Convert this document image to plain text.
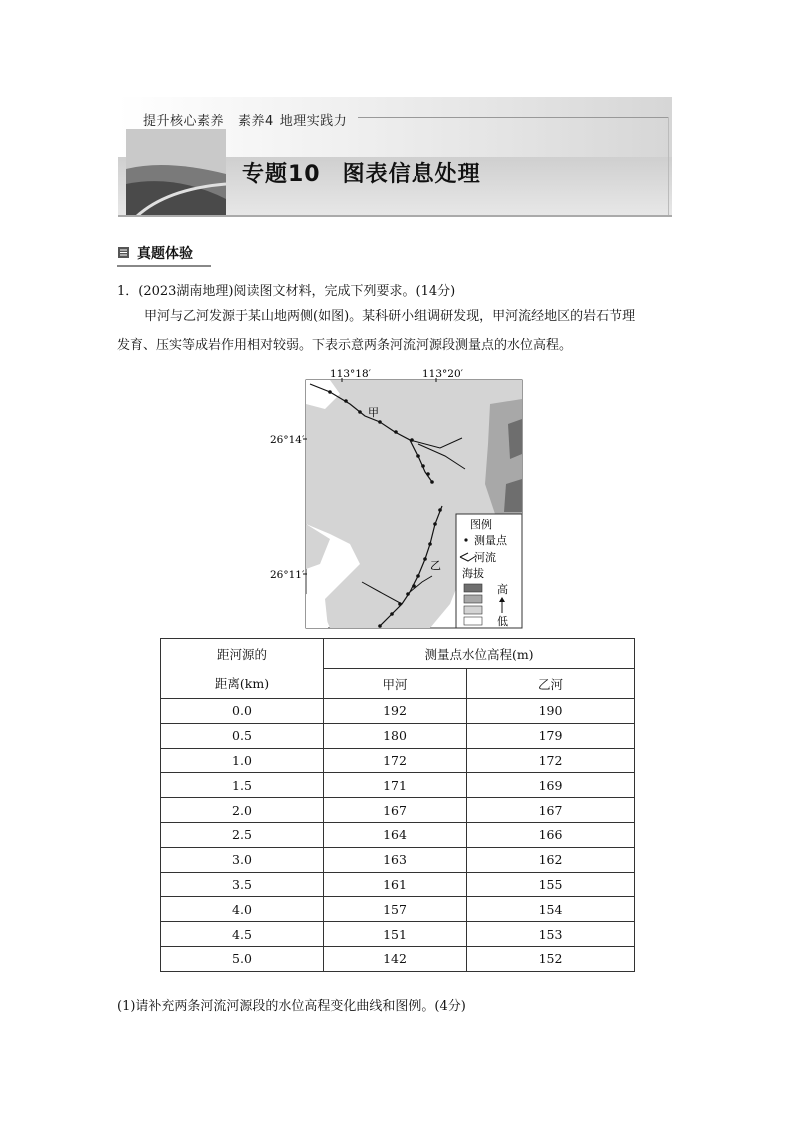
提升核心素养 素养4 地理实践力
专题10 图表信息处理
真题体验
1．(2023湖南地理)阅读图文材料，完成下列要求。(14分)
甲河与乙河发源于某山地两侧(如图)。某科研小组调研发现，甲河流经地区的岩石节理
发育、压实等成岩作用相对较弱。下表示意两条河流河源段测量点的水位高程。
图例
测量点
河流
海拔
高
低
甲
乙
113°18′	113°20′
26°14′
26°11′
距河源的
距离(km)	测量点水位高程(m)	
	甲河	乙河
0.0	192	190
0.5	180	179
1.0	172	172
1.5	171	169
2.0	167	167
2.5	164	166
3.0	163	162
3.5	161	155
4.0	157	154
4.5	151	153
5.0	142	152
(1)请补充两条河流河源段的水位高程变化曲线和图例。(4分)
